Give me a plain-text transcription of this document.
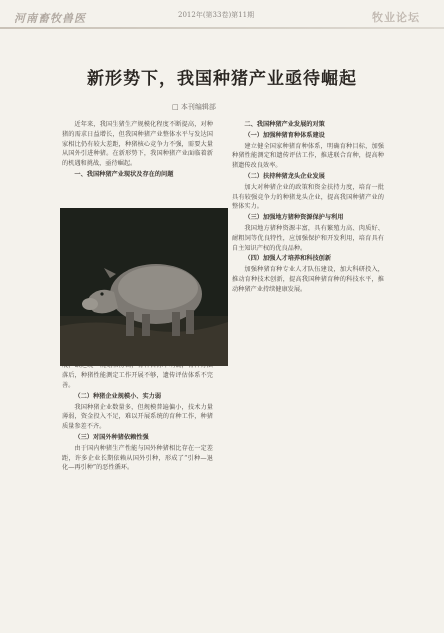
河南畜牧兽医	2012年(第33卷)第11期	牧业论坛
新形势下，我国种猪产业亟待崛起
□ 本刊编辑部

近年来，我国生猪生产规模化程度不断提高，对种猪的需求日益增长，但我国种猪产业整体水平与发达国家相比仍有较大差距，种猪核心竞争力不强，需要大量从国外引进种猪。在新形势下，我国种猪产业面临着新的机遇和挑战，亟待崛起。

一、我国种猪产业现状及存在的问题

落后，种猪性能测定工作开展不够，遗传评估体系不完善。

（二）种猪企业规模小、实力弱

我国种猪企业数量多，但规模普遍偏小，技术力量薄弱，资金投入不足，难以开展系统的育种工作，种猪质量参差不齐。

（三）对国外种猪依赖性强

由于国内种猪生产性能与国外种猪相比存在一定差距，许多企业长期依赖从国外引种，形成了“引种—退化—再引种”的恶性循环。

二、我国种猪产业发展的对策

（一）加强种猪育种体系建设

建立健全国家种猪育种体系，明确育种目标，加强种猪性能测定和遗传评估工作，推进联合育种，提高种猪遗传改良效率。

（二）扶持种猪龙头企业发展

加大对种猪企业的政策和资金扶持力度，培育一批具有较强竞争力的种猪龙头企业，提高我国种猪产业的整体实力。

（三）加强地方猪种资源保护与利用

我国地方猪种资源丰富，具有繁殖力高、肉质好、耐粗饲等优良特性，应加强保护和开发利用，培育具有自主知识产权的优良品种。

（四）加强人才培养和科技创新

加强种猪育种专业人才队伍建设，加大科研投入，推动育种技术创新，提高我国种猪育种的科技水平，推动种猪产业持续健康发展。
